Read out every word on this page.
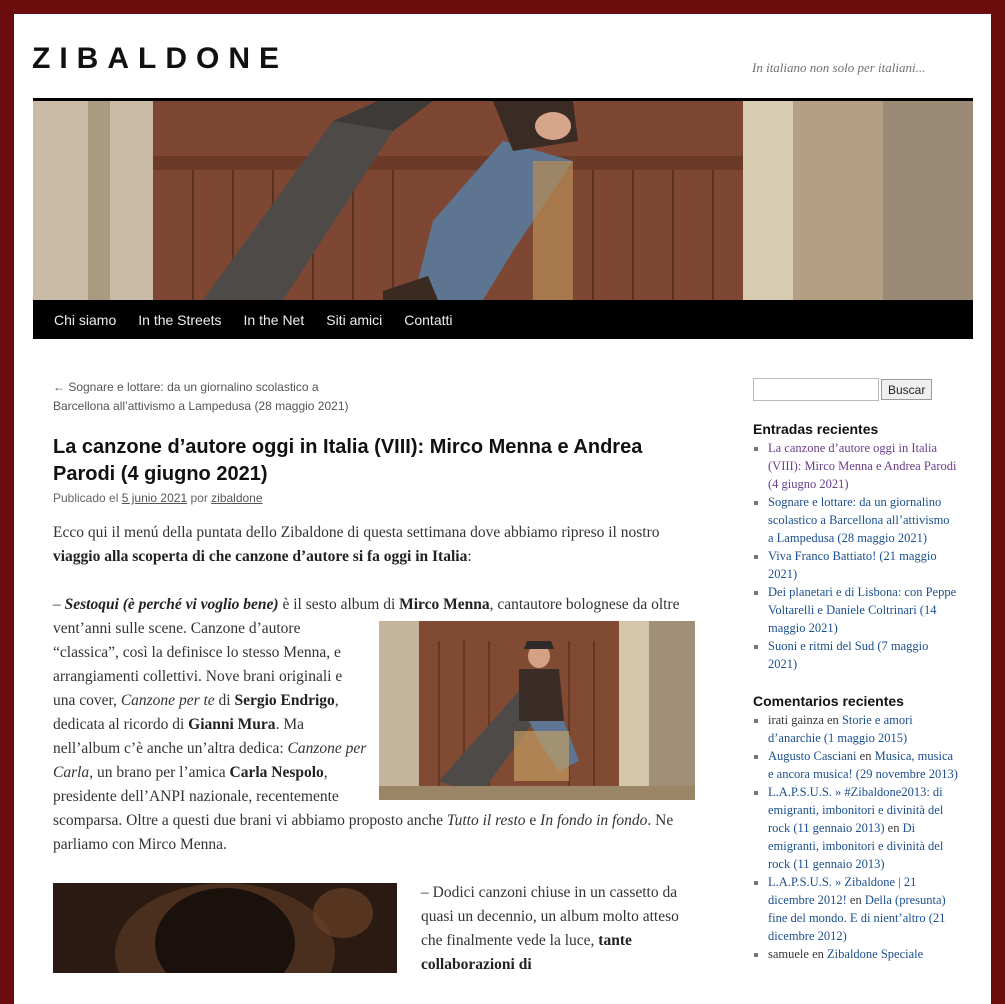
ZIBALDONE	In italiano non solo per italiani...
Chi siamo	In the Streets	In the Net	Siti amici	Contatti
← Sognare e lottare: da un giornalino scolastico a Barcellona all’attivismo a Lampedusa (28 maggio 2021)
La canzone d’autore oggi in Italia (VIII): Mirco Menna e Andrea Parodi (4 giugno 2021)
Publicado el 5 junio 2021 por zibaldone

Ecco qui il menú della puntata dello Zibaldone di questa settimana dove abbiamo ripreso il nostro viaggio alla scoperta di che canzone d’autore si fa oggi in Italia:

– Sestoqui (è perché vi voglio bene) è il sesto album di Mirco Menna
, cantautore bolognese da oltre vent’anni sulle scene. Canzone d’autore “classica”, così la definisce lo stesso Menna, e arrangiamenti collettivi. Nove brani originali e una cover, Canzone per te di Sergio Endrigo, dedicata al ricordo di Gianni Mura. Ma nell’album c’è anche un’altra dedica: Canzone per Carla, un brano per l’amica Carla Nespolo, presidente dell’ANPI nazionale, recentemente scomparsa. Oltre a questi due brani vi abbiamo proposto anche Tutto il resto e In fondo in fondo. Ne parliamo con Mirco Menna.

– Dodici canzoni chiuse in un cassetto da quasi un decennio, un album molto atteso che finalmente vede la luce, tante collaborazioni di

Buscar
Entradas recientes
▪ La canzone d’autore oggi in Italia (VIII): Mirco Menna e Andrea Parodi (4 giugno 2021)
▪ Sognare e lottare: da un giornalino scolastico a Barcellona all’attivismo a Lampedusa (28 maggio 2021)
▪ Viva Franco Battiato! (21 maggio 2021)
▪ Dei planetari e di Lisbona: con Peppe Voltarelli e Daniele Coltrinari (14 maggio 2021)
▪ Suoni e ritmi del Sud (7 maggio 2021)
Comentarios recientes
▪ irati gainza en Storie e amori d’anarchie (1 maggio 2015)
▪ Augusto Casciani en Musica, musica e ancora musica! (29 novembre 2013)
▪ L.A.P.S.U.S. » #Zibaldone2013: di emigranti, imbonitori e divinità del rock (11 gennaio 2013) en Di emigranti, imbonitori e divinità del rock (11 gennaio 2013)
▪ L.A.P.S.U.S. » Zibaldone | 21 dicembre 2012! en Della (presunta) fine del mondo. E di nient’altro (21 dicembre 2012)
▪ samuele en Zibaldone Speciale
